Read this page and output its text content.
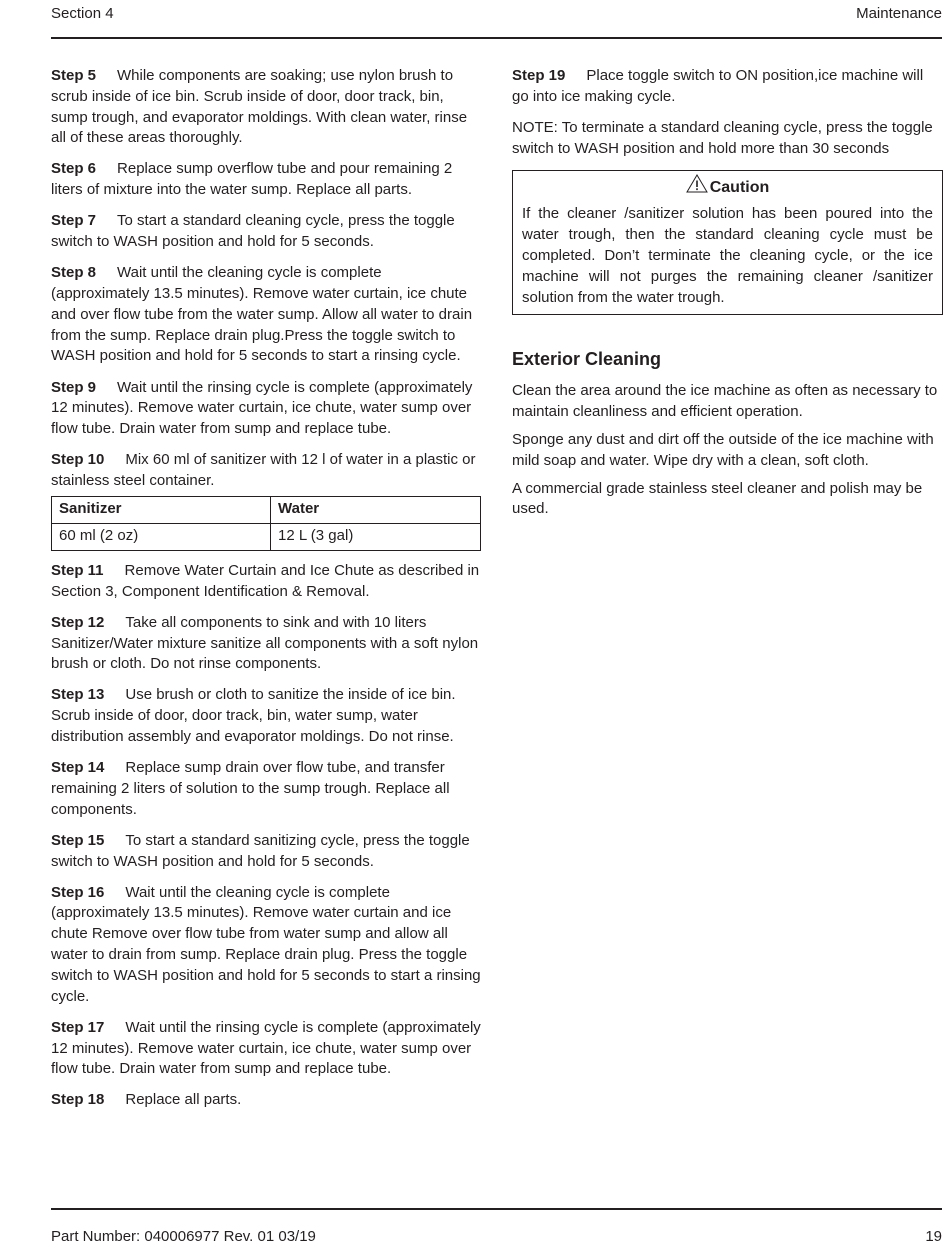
Section 4	Maintenance

Step 5 While components are soaking; use nylon brush to scrub inside of ice bin. Scrub inside of door, door track, bin, sump trough, and evaporator moldings. With clean water, rinse all of these areas thoroughly.

Step 6 Replace sump overflow tube and pour remaining 2 liters of mixture into the water sump. Replace all parts.

Step 7 To start a standard cleaning cycle, press the toggle switch to WASH position and hold for 5 seconds.

Step 8 Wait until the cleaning cycle is complete (approximately 13.5 minutes). Remove water curtain, ice chute and over flow tube from the water sump. Allow all water to drain from the sump. Replace drain plug.Press the toggle switch to WASH position and hold for 5 seconds to start a rinsing cycle.

Step 9 Wait until the rinsing cycle is complete (approximately 12 minutes). Remove water curtain, ice chute, water sump over flow tube. Drain water from sump and replace tube.

Step 10 Mix 60 ml of sanitizer with 12 l of water in a plastic or stainless steel container.

Sanitizer	Water
60 ml (2 oz)	12 L (3 gal)

Step 11 Remove Water Curtain and Ice Chute as described in Section 3, Component Identification & Removal.

Step 12 Take all components to sink and with 10 liters Sanitizer/Water mixture sanitize all components with a soft nylon brush or cloth. Do not rinse components.

Step 13 Use brush or cloth to sanitize the inside of ice bin. Scrub inside of door, door track, bin, water sump, water distribution assembly and evaporator moldings. Do not rinse.

Step 14 Replace sump drain over flow tube, and transfer remaining 2 liters of solution to the sump trough. Replace all components.

Step 15 To start a standard sanitizing cycle, press the toggle switch to WASH position and hold for 5 seconds.

Step 16 Wait until the cleaning cycle is complete (approximately 13.5 minutes). Remove water curtain and ice chute Remove over flow tube from water sump and allow all water to drain from sump. Replace drain plug. Press the toggle switch to WASH position and hold for 5 seconds to start a rinsing cycle.

Step 17 Wait until the rinsing cycle is complete (approximately 12 minutes). Remove water curtain, ice chute, water sump over flow tube. Drain water from sump and replace tube.

Step 18 Replace all parts.

Step 19 Place toggle switch to ON position,ice machine will go into ice making cycle.

NOTE: To terminate a standard cleaning cycle, press the toggle switch to WASH position and hold more than 30 seconds

Caution

If the cleaner /sanitizer solution has been poured into the water trough, then the standard cleaning cycle must be completed. Don’t terminate the cleaning cycle, or the ice machine will not purges the remaining cleaner /sanitizer solution from the water trough.

Exterior Cleaning

Clean the area around the ice machine as often as necessary to maintain cleanliness and efficient operation.

Sponge any dust and dirt off the outside of the ice machine with mild soap and water. Wipe dry with a clean, soft cloth.

A commercial grade stainless steel cleaner and polish may be used.

Part Number: 040006977 Rev. 01 03/19	19
